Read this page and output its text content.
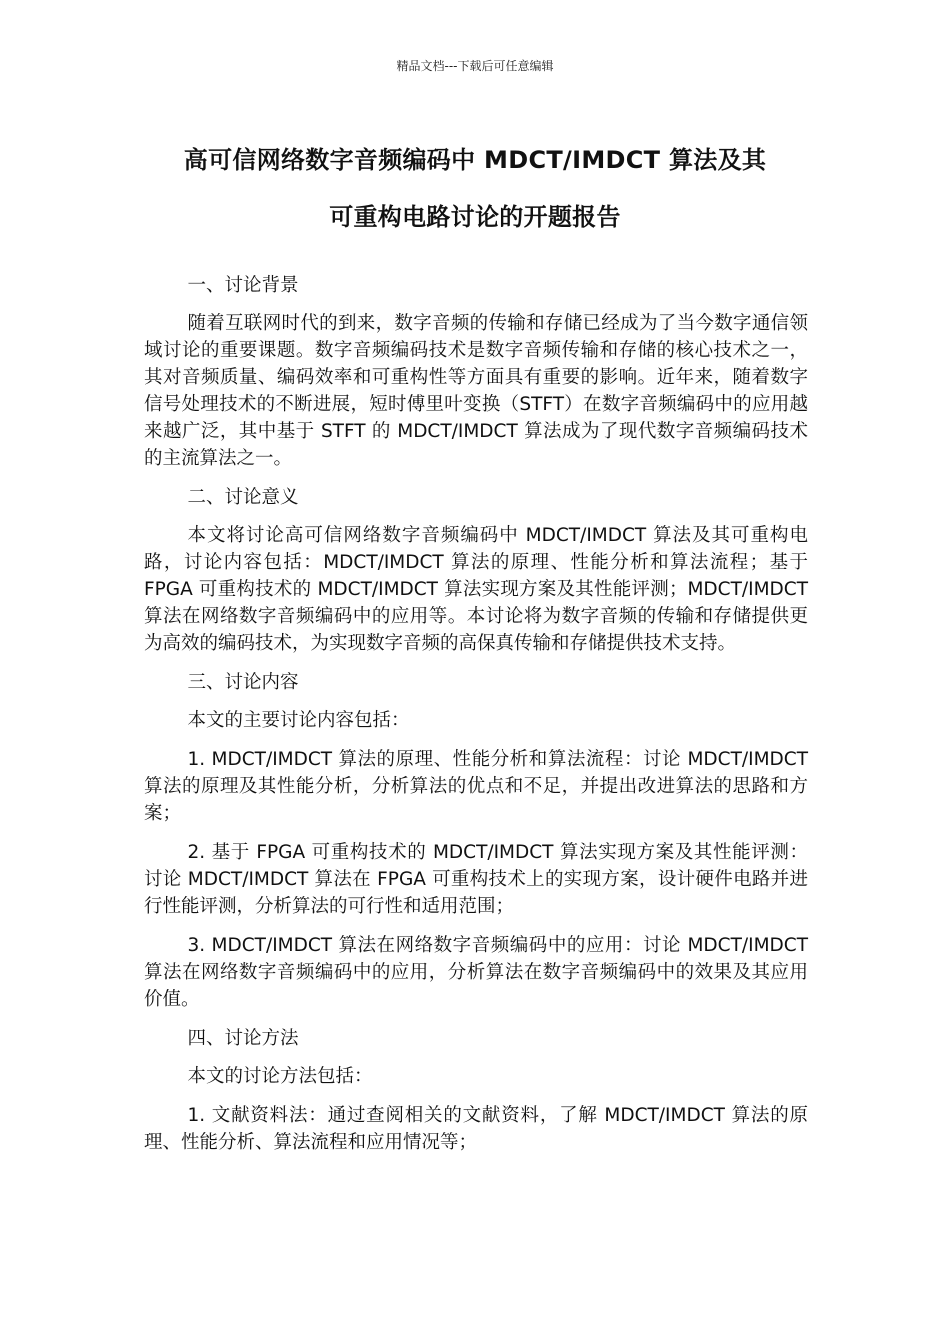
精品文档---下载后可任意编辑
高可信网络数字音频编码中 MDCT/IMDCT 算法及其
可重构电路讨论的开题报告

一、讨论背景

随着互联网时代的到来，数字音频的传输和存储已经成为了当今数字通信领域讨论的重要课题。数字音频编码技术是数字音频传输和存储的核心技术之一，其对音频质量、编码效率和可重构性等方面具有重要的影响。近年来，随着数字信号处理技术的不断进展，短时傅里叶变换（STFT）在数字音频编码中的应用越来越广泛，其中基于 STFT 的 MDCT/IMDCT 算法成为了现代数字音频编码技术的主流算法之一。

二、讨论意义

本文将讨论高可信网络数字音频编码中 MDCT/IMDCT 算法及其可重构电路，讨论内容包括：MDCT/IMDCT 算法的原理、性能分析和算法流程；基于 FPGA 可重构技术的 MDCT/IMDCT 算法实现方案及其性能评测；MDCT/IMDCT 算法在网络数字音频编码中的应用等。本讨论将为数字音频的传输和存储提供更为高效的编码技术，为实现数字音频的高保真传输和存储提供技术支持。

三、讨论内容

本文的主要讨论内容包括：

1. MDCT/IMDCT 算法的原理、性能分析和算法流程：讨论 MDCT/IMDCT 算法的原理及其性能分析，分析算法的优点和不足，并提出改进算法的思路和方案；

2. 基于 FPGA 可重构技术的 MDCT/IMDCT 算法实现方案及其性能评测：讨论 MDCT/IMDCT 算法在 FPGA 可重构技术上的实现方案，设计硬件电路并进行性能评测，分析算法的可行性和适用范围；

3. MDCT/IMDCT 算法在网络数字音频编码中的应用：讨论 MDCT/IMDCT 算法在网络数字音频编码中的应用，分析算法在数字音频编码中的效果及其应用价值。

四、讨论方法

本文的讨论方法包括：

1. 文献资料法：通过查阅相关的文献资料，了解 MDCT/IMDCT 算法的原理、性能分析、算法流程和应用情况等；
